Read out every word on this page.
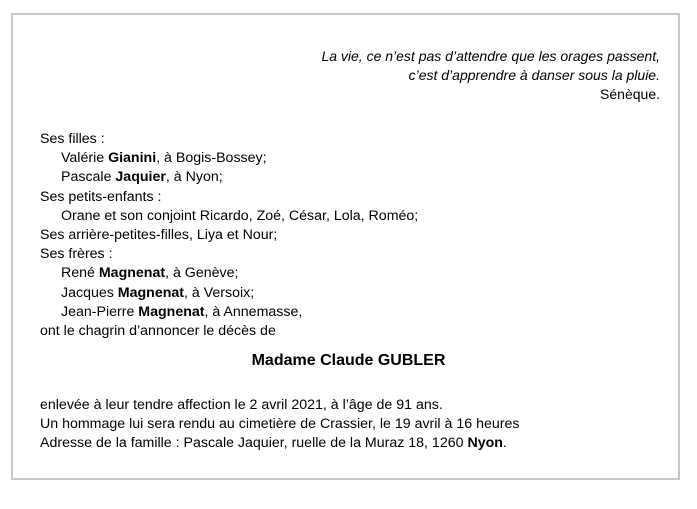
La vie, ce n’est pas d’attendre que les orages passent,
c’est d’apprendre à danser sous la pluie.
Sénèque.
Ses filles :
Valérie Gianini, à Bogis-Bossey;
Pascale Jaquier, à Nyon;
Ses petits-enfants :
Orane et son conjoint Ricardo, Zoé, César, Lola, Roméo;
Ses arrière-petites-filles, Liya et Nour;
Ses frères :
René Magnenat, à Genève;
Jacques Magnenat, à Versoix;
Jean-Pierre Magnenat, à Annemasse,
ont le chagrin d’annoncer le décès de
Madame Claude GUBLER
enlevée à leur tendre affection le 2 avril 2021, à l’âge de 91 ans.
Un hommage lui sera rendu au cimetière de Crassier, le 19 avril à 16 heures
Adresse de la famille : Pascale Jaquier, ruelle de la Muraz 18, 1260 Nyon.
